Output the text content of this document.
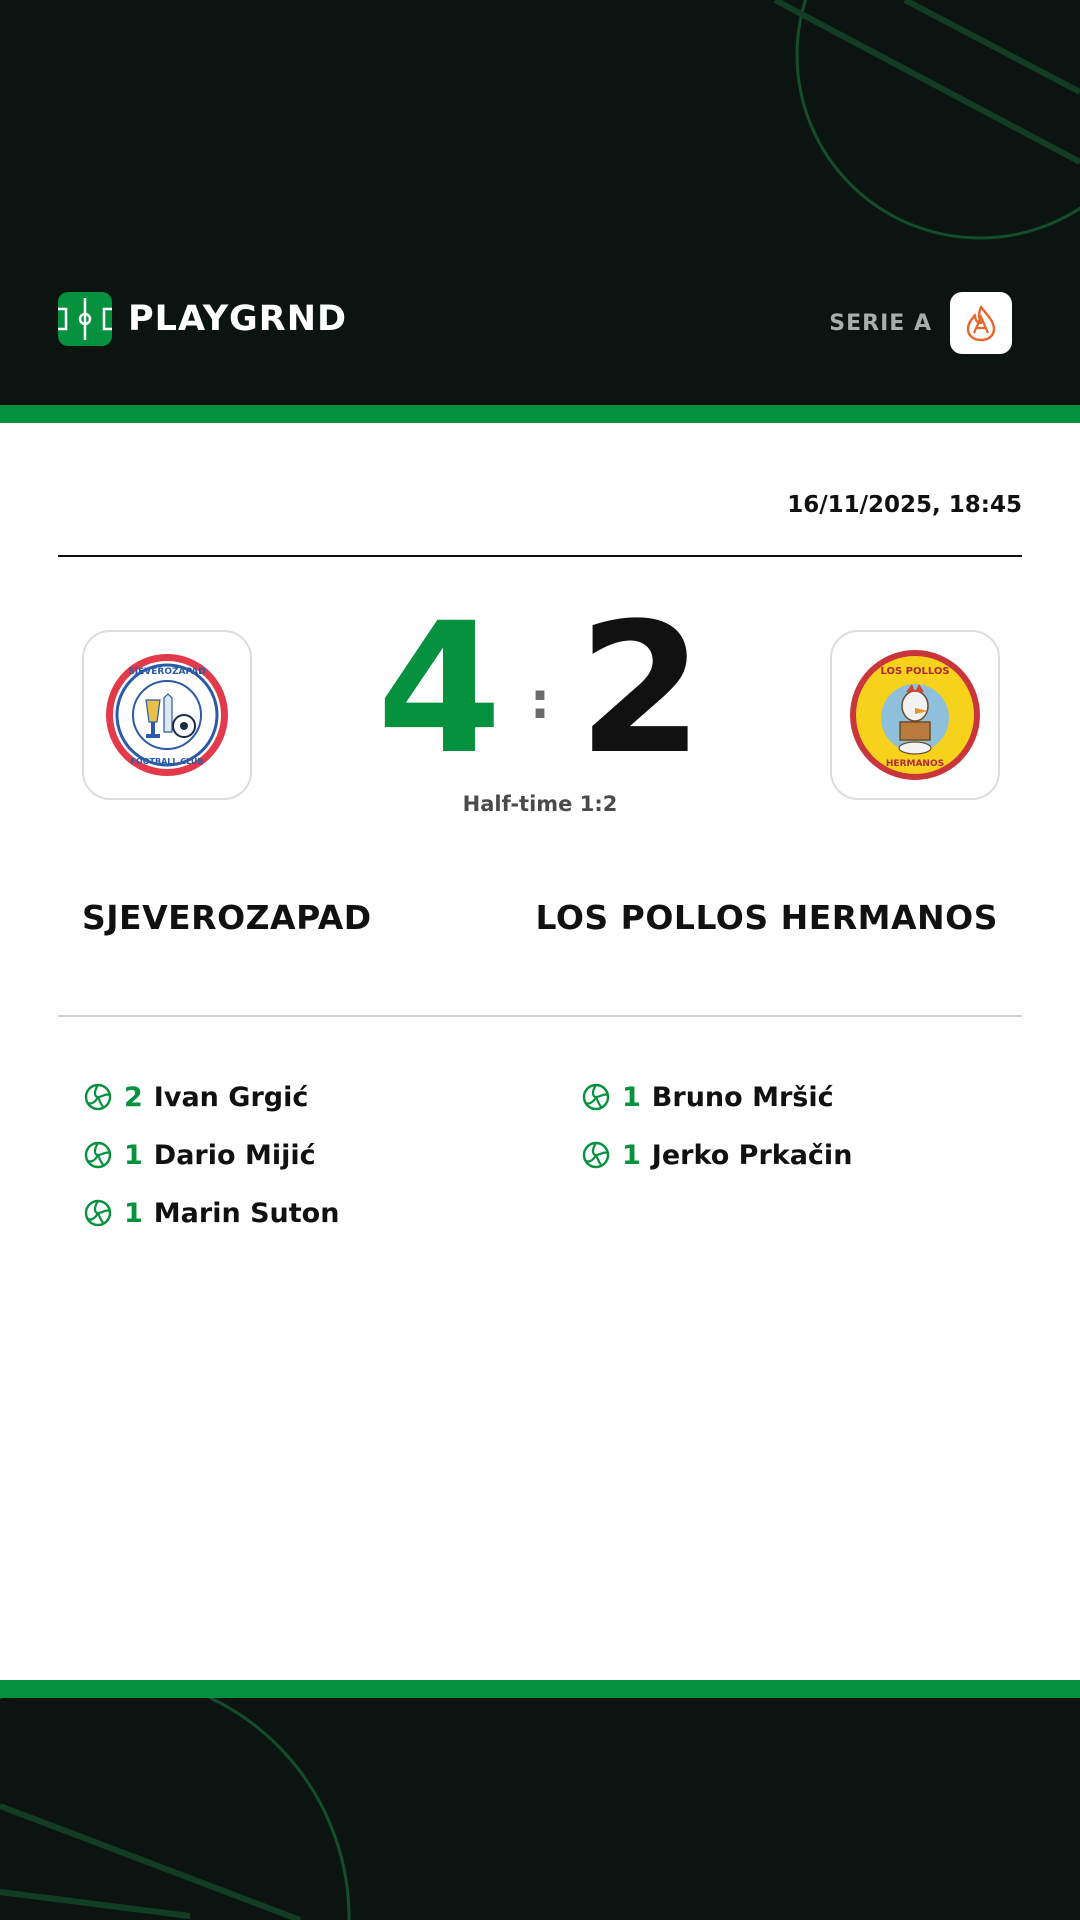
PLAYGRND	SERIE A
16/11/2025, 18:45
SJEVEROZAPAD
FOOTBALL CLUB 4 : 2
Half-time 1:2
LOS POLLOS
HERMANOS
SJEVEROZAPAD	LOS POLLOS HERMANOS
2 Ivan Grgić
1 Dario Mijić
1 Marin Suton
1 Bruno Mršić
1 Jerko Prkačin
